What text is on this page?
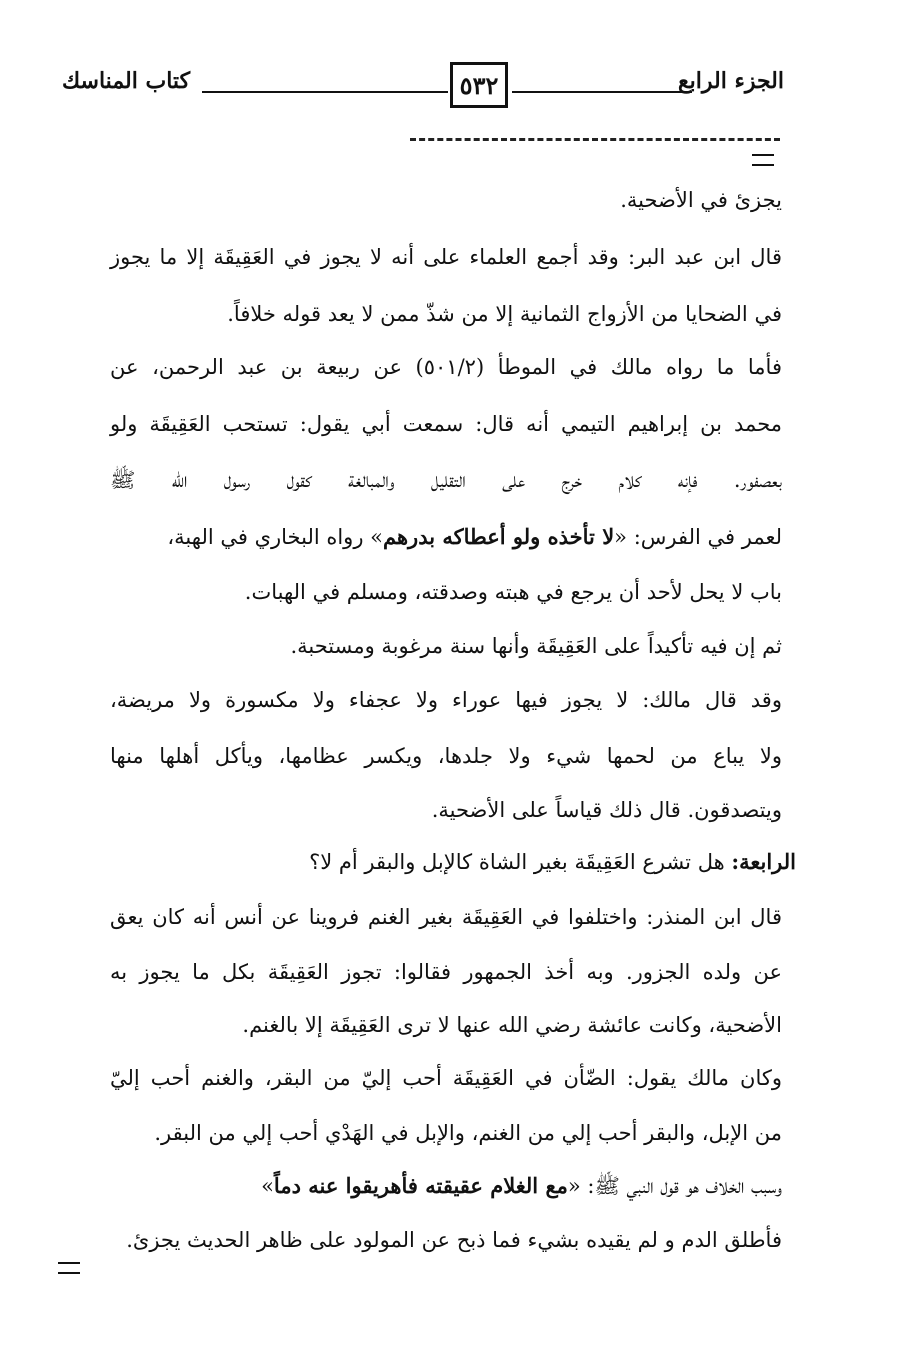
الجزء الرابع
٥٣٢
كتاب المناسك
يجزئ في الأضحية.
قال ابن عبد البر: وقد أجمع العلماء على أنه لا يجوز في العَقِيقَة إلا ما يجوز
في الضحايا من الأزواج الثمانية إلا من شذّ ممن لا يعد قوله خلافاً.
فأما ما رواه مالك في الموطأ (٥٠١/٢) عن ربيعة بن عبد الرحمن، عن
محمد بن إبراهيم التيمي أنه قال: سمعت أبي يقول: تستحب العَقِيقَة ولو
بعصفور. فإنه كلام خرج على التقليل والمبالغة كقول رسول الله ﷺ
لعمر في الفرس: «لا تأخذه ولو أعطاكه بدرهم» رواه البخاري في الهبة،
باب لا يحل لأحد أن يرجع في هبته وصدقته، ومسلم في الهبات.
ثم إن فيه تأكيداً على العَقِيقَة وأنها سنة مرغوبة ومستحبة.
وقد قال مالك: لا يجوز فيها عوراء ولا عجفاء ولا مكسورة ولا مريضة،
ولا يباع من لحمها شيء ولا جلدها، ويكسر عظامها، ويأكل أهلها منها
ويتصدقون. قال ذلك قياساً على الأضحية.
الرابعة: هل تشرع العَقِيقَة بغير الشاة كالإبل والبقر أم لا؟
قال ابن المنذر: واختلفوا في العَقِيقَة بغير الغنم فروينا عن أنس أنه كان يعق
عن ولده الجزور. وبه أخذ الجمهور فقالوا: تجوز العَقِيقَة بكل ما يجوز به
الأضحية، وكانت عائشة رضي الله عنها لا ترى العَقِيقَة إلا بالغنم.
وكان مالك يقول: الضّأن في العَقِيقَة أحب إليّ من البقر، والغنم أحب إليّ
من الإبل، والبقر أحب إلي من الغنم، والإبل في الهَدْي أحب إلي من البقر.
وسبب الخلاف هو قول النبي ﷺ: «مع الغلام عقيقته فأهريقوا عنه دماً»
فأطلق الدم و لم يقيده بشيء فما ذبح عن المولود على ظاهر الحديث يجزئ.
